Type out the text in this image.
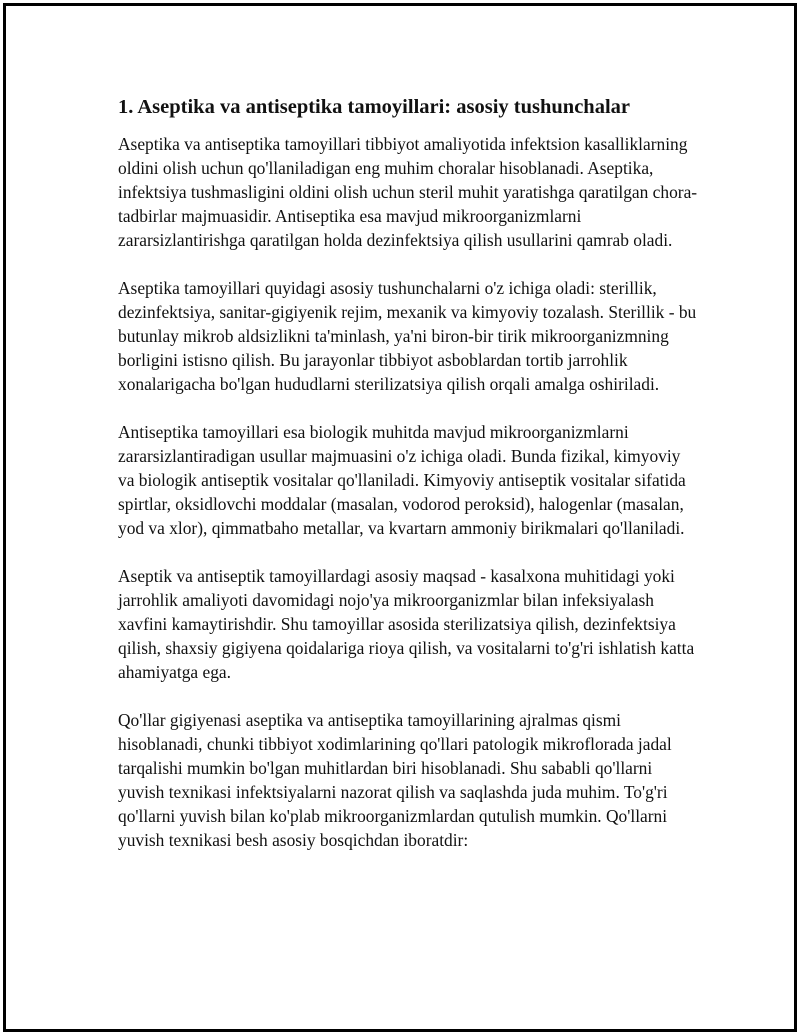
1. Aseptika va antiseptika tamoyillari: asosiy tushunchalar

Aseptika va antiseptika tamoyillari tibbiyot amaliyotida infektsion kasalliklarning oldini olish uchun qo'llaniladigan eng muhim choralar hisoblanadi. Aseptika, infektsiya tushmasligini oldini olish uchun steril muhit yaratishga qaratilgan chora-tadbirlar majmuasidir. Antiseptika esa mavjud mikroorganizmlarni zararsizlantirishga qaratilgan holda dezinfektsiya qilish usullarini qamrab oladi.

Aseptika tamoyillari quyidagi asosiy tushunchalarni o'z ichiga oladi: sterillik, dezinfektsiya, sanitar-gigiyenik rejim, mexanik va kimyoviy tozalash. Sterillik - bu butunlay mikrob aldsizlikni ta'minlash, ya'ni biron-bir tirik mikroorganizmning borligini istisno qilish. Bu jarayonlar tibbiyot asboblardan tortib jarrohlik xonalarigacha bo'lgan hududlarni sterilizatsiya qilish orqali amalga oshiriladi.

Antiseptika tamoyillari esa biologik muhitda mavjud mikroorganizmlarni zararsizlantiradigan usullar majmuasini o'z ichiga oladi. Bunda fizikal, kimyoviy va biologik antiseptik vositalar qo'llaniladi. Kimyoviy antiseptik vositalar sifatida spirtlar, oksidlovchi moddalar (masalan, vodorod peroksid), halogenlar (masalan, yod va xlor), qimmatbaho metallar, va kvartarn ammoniy birikmalari qo'llaniladi.

Aseptik va antiseptik tamoyillardagi asosiy maqsad - kasalxona muhitidagi yoki jarrohlik amaliyoti davomidagi nojo'ya mikroorganizmlar bilan infeksiyalash xavfini kamaytirishdir. Shu tamoyillar asosida sterilizatsiya qilish, dezinfektsiya qilish, shaxsiy gigiyena qoidalariga rioya qilish, va vositalarni to'g'ri ishlatish katta ahamiyatga ega.

Qo'llar gigiyenasi aseptika va antiseptika tamoyillarining ajralmas qismi hisoblanadi, chunki tibbiyot xodimlarining qo'llari patologik mikroflorada jadal tarqalishi mumkin bo'lgan muhitlardan biri hisoblanadi. Shu sababli qo'llarni yuvish texnikasi infektsiyalarni nazorat qilish va saqlashda juda muhim. To'g'ri qo'llarni yuvish bilan ko'plab mikroorganizmlardan qutulish mumkin. Qo'llarni yuvish texnikasi besh asosiy bosqichdan iboratdir:
